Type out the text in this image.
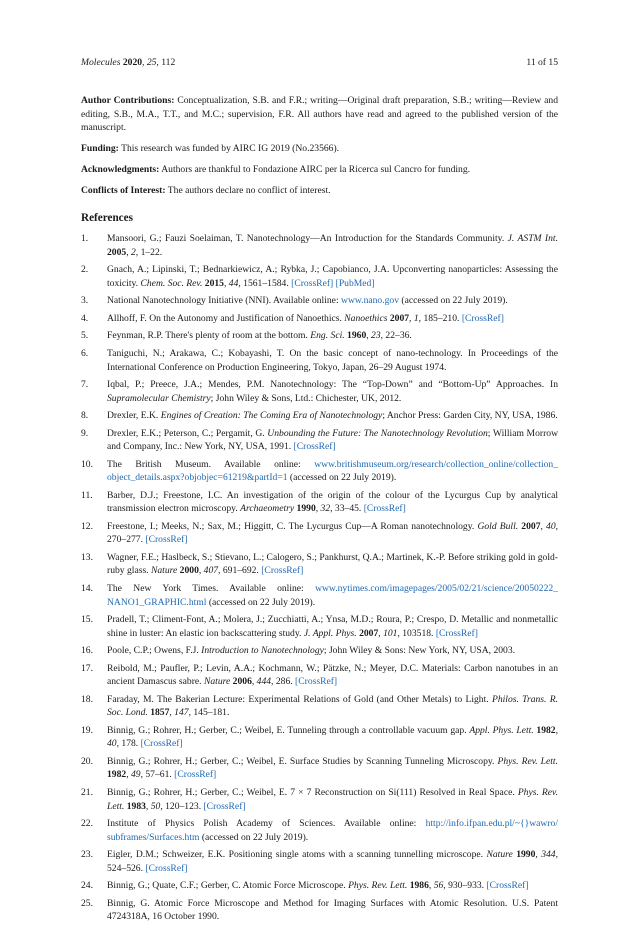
Molecules 2020, 25, 112	11 of 15

Author Contributions: Conceptualization, S.B. and F.R.; writing—Original draft preparation, S.B.; writing—Review and editing, S.B., M.A., T.T., and M.C.; supervision, F.R. All authors have read and agreed to the published version of the manuscript.

Funding: This research was funded by AIRC IG 2019 (No.23566).

Acknowledgments: Authors are thankful to Fondazione AIRC per la Ricerca sul Cancro for funding.

Conflicts of Interest: The authors declare no conflict of interest.

References
1. Mansoori, G.; Fauzi Soelaiman, T. Nanotechnology—An Introduction for the Standards Community. J. ASTM Int. 2005, 2, 1–22.
2. Gnach, A.; Lipinski, T.; Bednarkiewicz, A.; Rybka, J.; Capobianco, J.A. Upconverting nanoparticles: Assessing the toxicity. Chem. Soc. Rev. 2015, 44, 1561–1584. [CrossRef] [PubMed]
3. National Nanotechnology Initiative (NNI). Available online: www.nano.gov (accessed on 22 July 2019).
4. Allhoff, F. On the Autonomy and Justification of Nanoethics. Nanoethics 2007, 1, 185–210. [CrossRef]
5. Feynman, R.P. There's plenty of room at the bottom. Eng. Sci. 1960, 23, 22–36.
6. Taniguchi, N.; Arakawa, C.; Kobayashi, T. On the basic concept of nano-technology. In Proceedings of the International Conference on Production Engineering, Tokyo, Japan, 26–29 August 1974.
7. Iqbal, P.; Preece, J.A.; Mendes, P.M. Nanotechnology: The “Top-Down” and “Bottom-Up” Approaches. In Supramolecular Chemistry; John Wiley & Sons, Ltd.: Chichester, UK, 2012.
8. Drexler, E.K. Engines of Creation: The Coming Era of Nanotechnology; Anchor Press: Garden City, NY, USA, 1986.
9. Drexler, E.K.; Peterson, C.; Pergamit, G. Unbounding the Future: The Nanotechnology Revolution; William Morrow and Company, Inc.: New York, NY, USA, 1991. [CrossRef]
10. The British Museum. Available online: www.britishmuseum.org/research/collection_online/collection_ object_details.aspx?objobjec=61219&partId=1 (accessed on 22 July 2019).
11. Barber, D.J.; Freestone, I.C. An investigation of the origin of the colour of the Lycurgus Cup by analytical transmission electron microscopy. Archaeometry 1990, 32, 33–45. [CrossRef]
12. Freestone, I.; Meeks, N.; Sax, M.; Higgitt, C. The Lycurgus Cup—A Roman nanotechnology. Gold Bull. 2007, 40, 270–277. [CrossRef]
13. Wagner, F.E.; Haslbeck, S.; Stievano, L.; Calogero, S.; Pankhurst, Q.A.; Martinek, K.-P. Before striking gold in gold-ruby glass. Nature 2000, 407, 691–692. [CrossRef]
14. The New York Times. Available online: www.nytimes.com/imagepages/2005/02/21/science/20050222_ NANO1_GRAPHIC.html (accessed on 22 July 2019).
15. Pradell, T.; Climent-Font, A.; Molera, J.; Zucchiatti, A.; Ynsa, M.D.; Roura, P.; Crespo, D. Metallic and nonmetallic shine in luster: An elastic ion backscattering study. J. Appl. Phys. 2007, 101, 103518. [CrossRef]
16. Poole, C.P.; Owens, F.J. Introduction to Nanotechnology; John Wiley & Sons: New York, NY, USA, 2003.
17. Reibold, M.; Paufler, P.; Levin, A.A.; Kochmann, W.; Pätzke, N.; Meyer, D.C. Materials: Carbon nanotubes in an ancient Damascus sabre. Nature 2006, 444, 286. [CrossRef]
18. Faraday, M. The Bakerian Lecture: Experimental Relations of Gold (and Other Metals) to Light. Philos. Trans. R. Soc. Lond. 1857, 147, 145–181.
19. Binnig, G.; Rohrer, H.; Gerber, C.; Weibel, E. Tunneling through a controllable vacuum gap. Appl. Phys. Lett. 1982, 40, 178. [CrossRef]
20. Binnig, G.; Rohrer, H.; Gerber, C.; Weibel, E. Surface Studies by Scanning Tunneling Microscopy. Phys. Rev. Lett. 1982, 49, 57–61. [CrossRef]
21. Binnig, G.; Rohrer, H.; Gerber, C.; Weibel, E. 7 × 7 Reconstruction on Si(111) Resolved in Real Space. Phys. Rev. Lett. 1983, 50, 120–123. [CrossRef]
22. Institute of Physics Polish Academy of Sciences. Available online: http://info.ifpan.edu.pl/~{}wawro/ subframes/Surfaces.htm (accessed on 22 July 2019).
23. Eigler, D.M.; Schweizer, E.K. Positioning single atoms with a scanning tunnelling microscope. Nature 1990, 344, 524–526. [CrossRef]
24. Binnig, G.; Quate, C.F.; Gerber, C. Atomic Force Microscope. Phys. Rev. Lett. 1986, 56, 930–933. [CrossRef]
25. Binnig, G. Atomic Force Microscope and Method for Imaging Surfaces with Atomic Resolution. U.S. Patent 4724318A, 16 October 1990.
